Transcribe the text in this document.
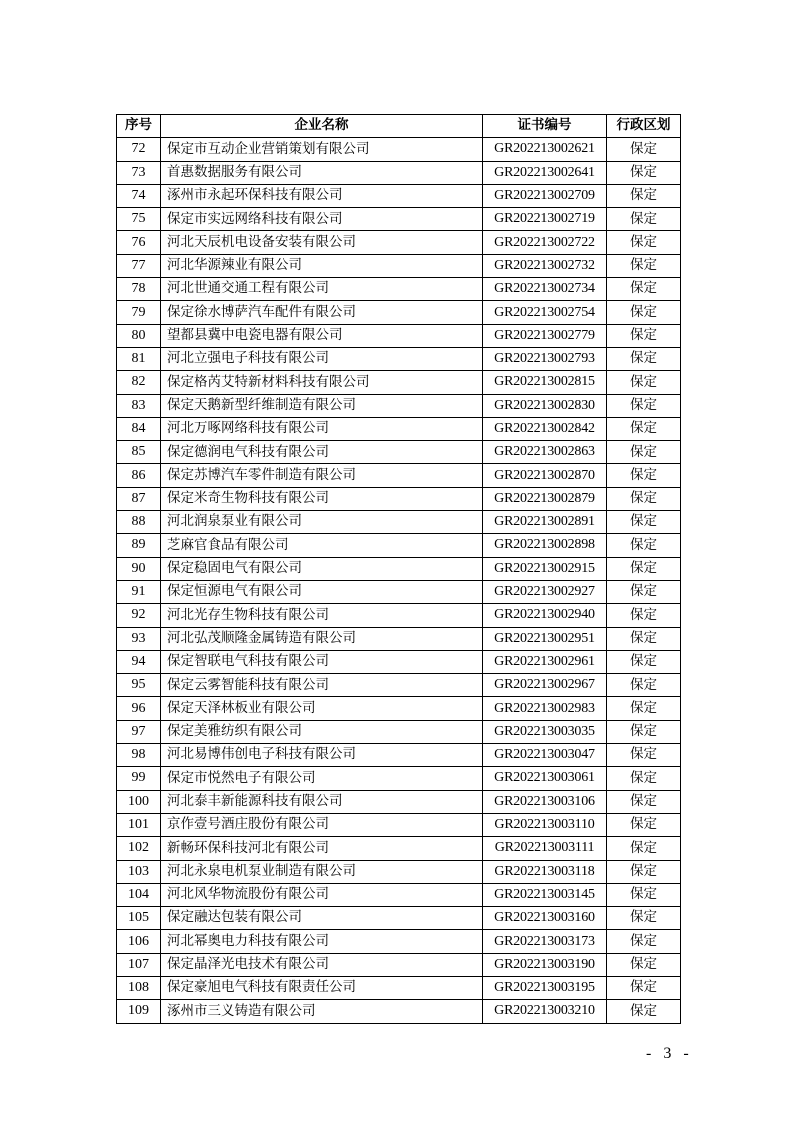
序号	企业名称	证书编号	行政区划
72	保定市互动企业营销策划有限公司	GR202213002621	保定
73	首惠数据服务有限公司	GR202213002641	保定
74	涿州市永起环保科技有限公司	GR202213002709	保定
75	保定市实远网络科技有限公司	GR202213002719	保定
76	河北天辰机电设备安装有限公司	GR202213002722	保定
77	河北华源辣业有限公司	GR202213002732	保定
78	河北世通交通工程有限公司	GR202213002734	保定
79	保定徐水博萨汽车配件有限公司	GR202213002754	保定
80	望都县冀中电瓷电器有限公司	GR202213002779	保定
81	河北立强电子科技有限公司	GR202213002793	保定
82	保定格芮艾特新材料科技有限公司	GR202213002815	保定
83	保定天鹅新型纤维制造有限公司	GR202213002830	保定
84	河北万啄网络科技有限公司	GR202213002842	保定
85	保定德润电气科技有限公司	GR202213002863	保定
86	保定苏博汽车零件制造有限公司	GR202213002870	保定
87	保定米奇生物科技有限公司	GR202213002879	保定
88	河北润泉泵业有限公司	GR202213002891	保定
89	芝麻官食品有限公司	GR202213002898	保定
90	保定稳固电气有限公司	GR202213002915	保定
91	保定恒源电气有限公司	GR202213002927	保定
92	河北光存生物科技有限公司	GR202213002940	保定
93	河北弘茂顺隆金属铸造有限公司	GR202213002951	保定
94	保定智联电气科技有限公司	GR202213002961	保定
95	保定云雾智能科技有限公司	GR202213002967	保定
96	保定天泽林板业有限公司	GR202213002983	保定
97	保定美雅纺织有限公司	GR202213003035	保定
98	河北易博伟创电子科技有限公司	GR202213003047	保定
99	保定市悦然电子有限公司	GR202213003061	保定
100	河北泰丰新能源科技有限公司	GR202213003106	保定
101	京作壹号酒庄股份有限公司	GR202213003110	保定
102	新畅环保科技河北有限公司	GR202213003111	保定
103	河北永泉电机泵业制造有限公司	GR202213003118	保定
104	河北风华物流股份有限公司	GR202213003145	保定
105	保定融达包装有限公司	GR202213003160	保定
106	河北幂奥电力科技有限公司	GR202213003173	保定
107	保定晶泽光电技术有限公司	GR202213003190	保定
108	保定豪旭电气科技有限责任公司	GR202213003195	保定
109	涿州市三义铸造有限公司	GR202213003210	保定
- 3 -
